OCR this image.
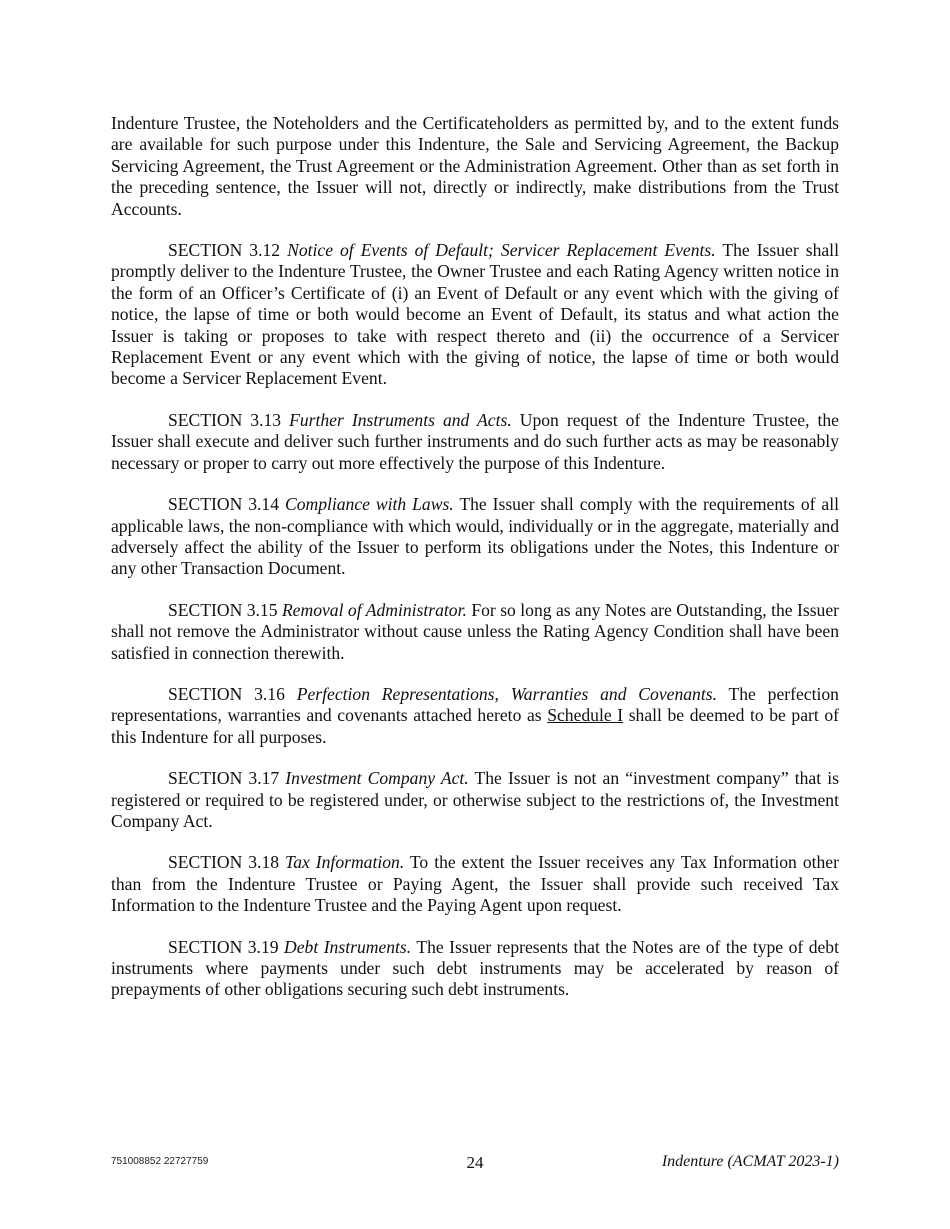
Indenture Trustee, the Noteholders and the Certificateholders as permitted by, and to the extent funds are available for such purpose under this Indenture, the Sale and Servicing Agreement, the Backup Servicing Agreement, the Trust Agreement or the Administration Agreement. Other than as set forth in the preceding sentence, the Issuer will not, directly or indirectly, make distributions from the Trust Accounts.

SECTION 3.12 Notice of Events of Default; Servicer Replacement Events. The Issuer shall promptly deliver to the Indenture Trustee, the Owner Trustee and each Rating Agency written notice in the form of an Officer’s Certificate of (i) an Event of Default or any event which with the giving of notice, the lapse of time or both would become an Event of Default, its status and what action the Issuer is taking or proposes to take with respect thereto and (ii) the occurrence of a Servicer Replacement Event or any event which with the giving of notice, the lapse of time or both would become a Servicer Replacement Event.

SECTION 3.13 Further Instruments and Acts. Upon request of the Indenture Trustee, the Issuer shall execute and deliver such further instruments and do such further acts as may be reasonably necessary or proper to carry out more effectively the purpose of this Indenture.

SECTION 3.14 Compliance with Laws. The Issuer shall comply with the requirements of all applicable laws, the non-compliance with which would, individually or in the aggregate, materially and adversely affect the ability of the Issuer to perform its obligations under the Notes, this Indenture or any other Transaction Document.

SECTION 3.15 Removal of Administrator. For so long as any Notes are Outstanding, the Issuer shall not remove the Administrator without cause unless the Rating Agency Condition shall have been satisfied in connection therewith.

SECTION 3.16 Perfection Representations, Warranties and Covenants. The perfection representations, warranties and covenants attached hereto as Schedule I shall be deemed to be part of this Indenture for all purposes.

SECTION 3.17 Investment Company Act. The Issuer is not an “investment company” that is registered or required to be registered under, or otherwise subject to the restrictions of, the Investment Company Act.

SECTION 3.18 Tax Information. To the extent the Issuer receives any Tax Information other than from the Indenture Trustee or Paying Agent, the Issuer shall provide such received Tax Information to the Indenture Trustee and the Paying Agent upon request.

SECTION 3.19 Debt Instruments. The Issuer represents that the Notes are of the type of debt instruments where payments under such debt instruments may be accelerated by reason of prepayments of other obligations securing such debt instruments.

751008852 22727759	24	Indenture (ACMAT 2023-1)
